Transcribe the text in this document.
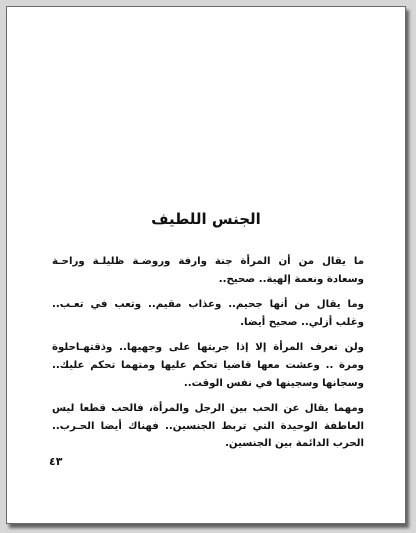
الجنس اللطيف

ما يقال من أن المرأة جنة وارفة وروضـة ظليلـة وراحـة
وسعادة ونعمة إلهية.. صحيح..

وما يقال من أنها جحيم.. وعذاب مقيم.. وتعب في تعـب..
وغلب أزلي.. صحيح أيضا.

ولن تعرف المرأة إلا إذا جربتها على وجهيها.. وذقتهـاحلوة
ومرة .. وعشت معها قاضيا تحكم عليها ومتهما تحكم عليك..
وسجانها وسجينها في نفس الوقت..

ومهما يقال عن الحب بين الرجل والمرأة، فالحب قطعا ليس
العاطفة الوحيدة التي تربط الجنسين.. فهناك أيضا الحـرب..
الحرب الدائمة بين الجنسين.

٤٣
